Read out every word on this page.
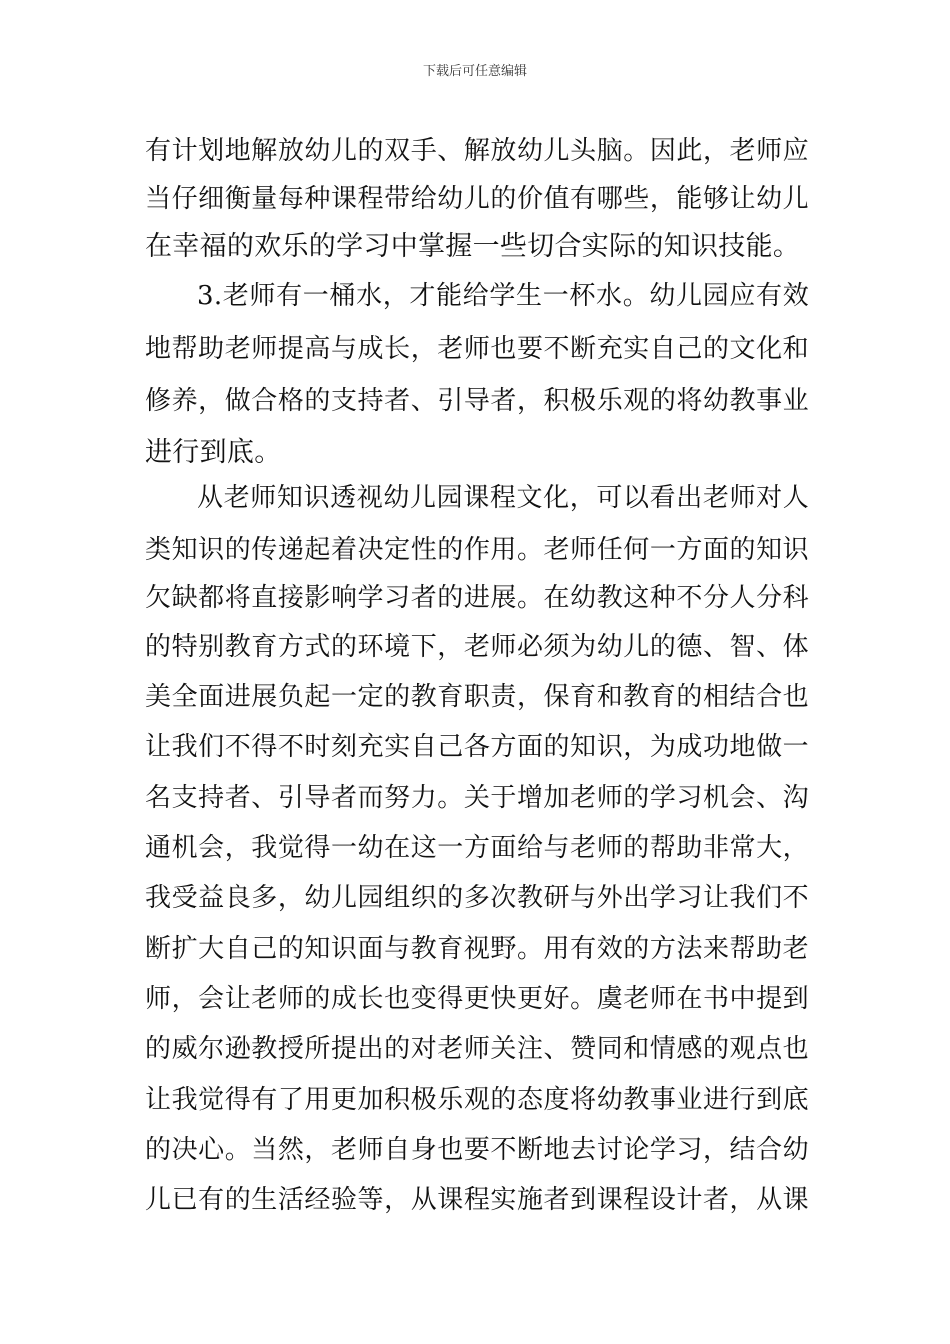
下载后可任意编辑
有计划地解放幼儿的双手、解放幼儿头脑。因此，老师应
当仔细衡量每种课程带给幼儿的价值有哪些，能够让幼儿
在幸福的欢乐的学习中掌握一些切合实际的知识技能。
3.老师有一桶水，才能给学生一杯水。幼儿园应有效
地帮助老师提高与成长，老师也要不断充实自己的文化和
修养，做合格的支持者、引导者，积极乐观的将幼教事业
进行到底。
从老师知识透视幼儿园课程文化，可以看出老师对人
类知识的传递起着决定性的作用。老师任何一方面的知识
欠缺都将直接影响学习者的进展。在幼教这种不分人分科
的特别教育方式的环境下，老师必须为幼儿的德、智、体
美全面进展负起一定的教育职责，保育和教育的相结合也
让我们不得不时刻充实自己各方面的知识，为成功地做一
名支持者、引导者而努力。关于增加老师的学习机会、沟
通机会，我觉得一幼在这一方面给与老师的帮助非常大，
我受益良多，幼儿园组织的多次教研与外出学习让我们不
断扩大自己的知识面与教育视野。用有效的方法来帮助老
师，会让老师的成长也变得更快更好。虞老师在书中提到
的威尔逊教授所提出的对老师关注、赞同和情感的观点也
让我觉得有了用更加积极乐观的态度将幼教事业进行到底
的决心。当然，老师自身也要不断地去讨论学习，结合幼
儿已有的生活经验等，从课程实施者到课程设计者，从课
